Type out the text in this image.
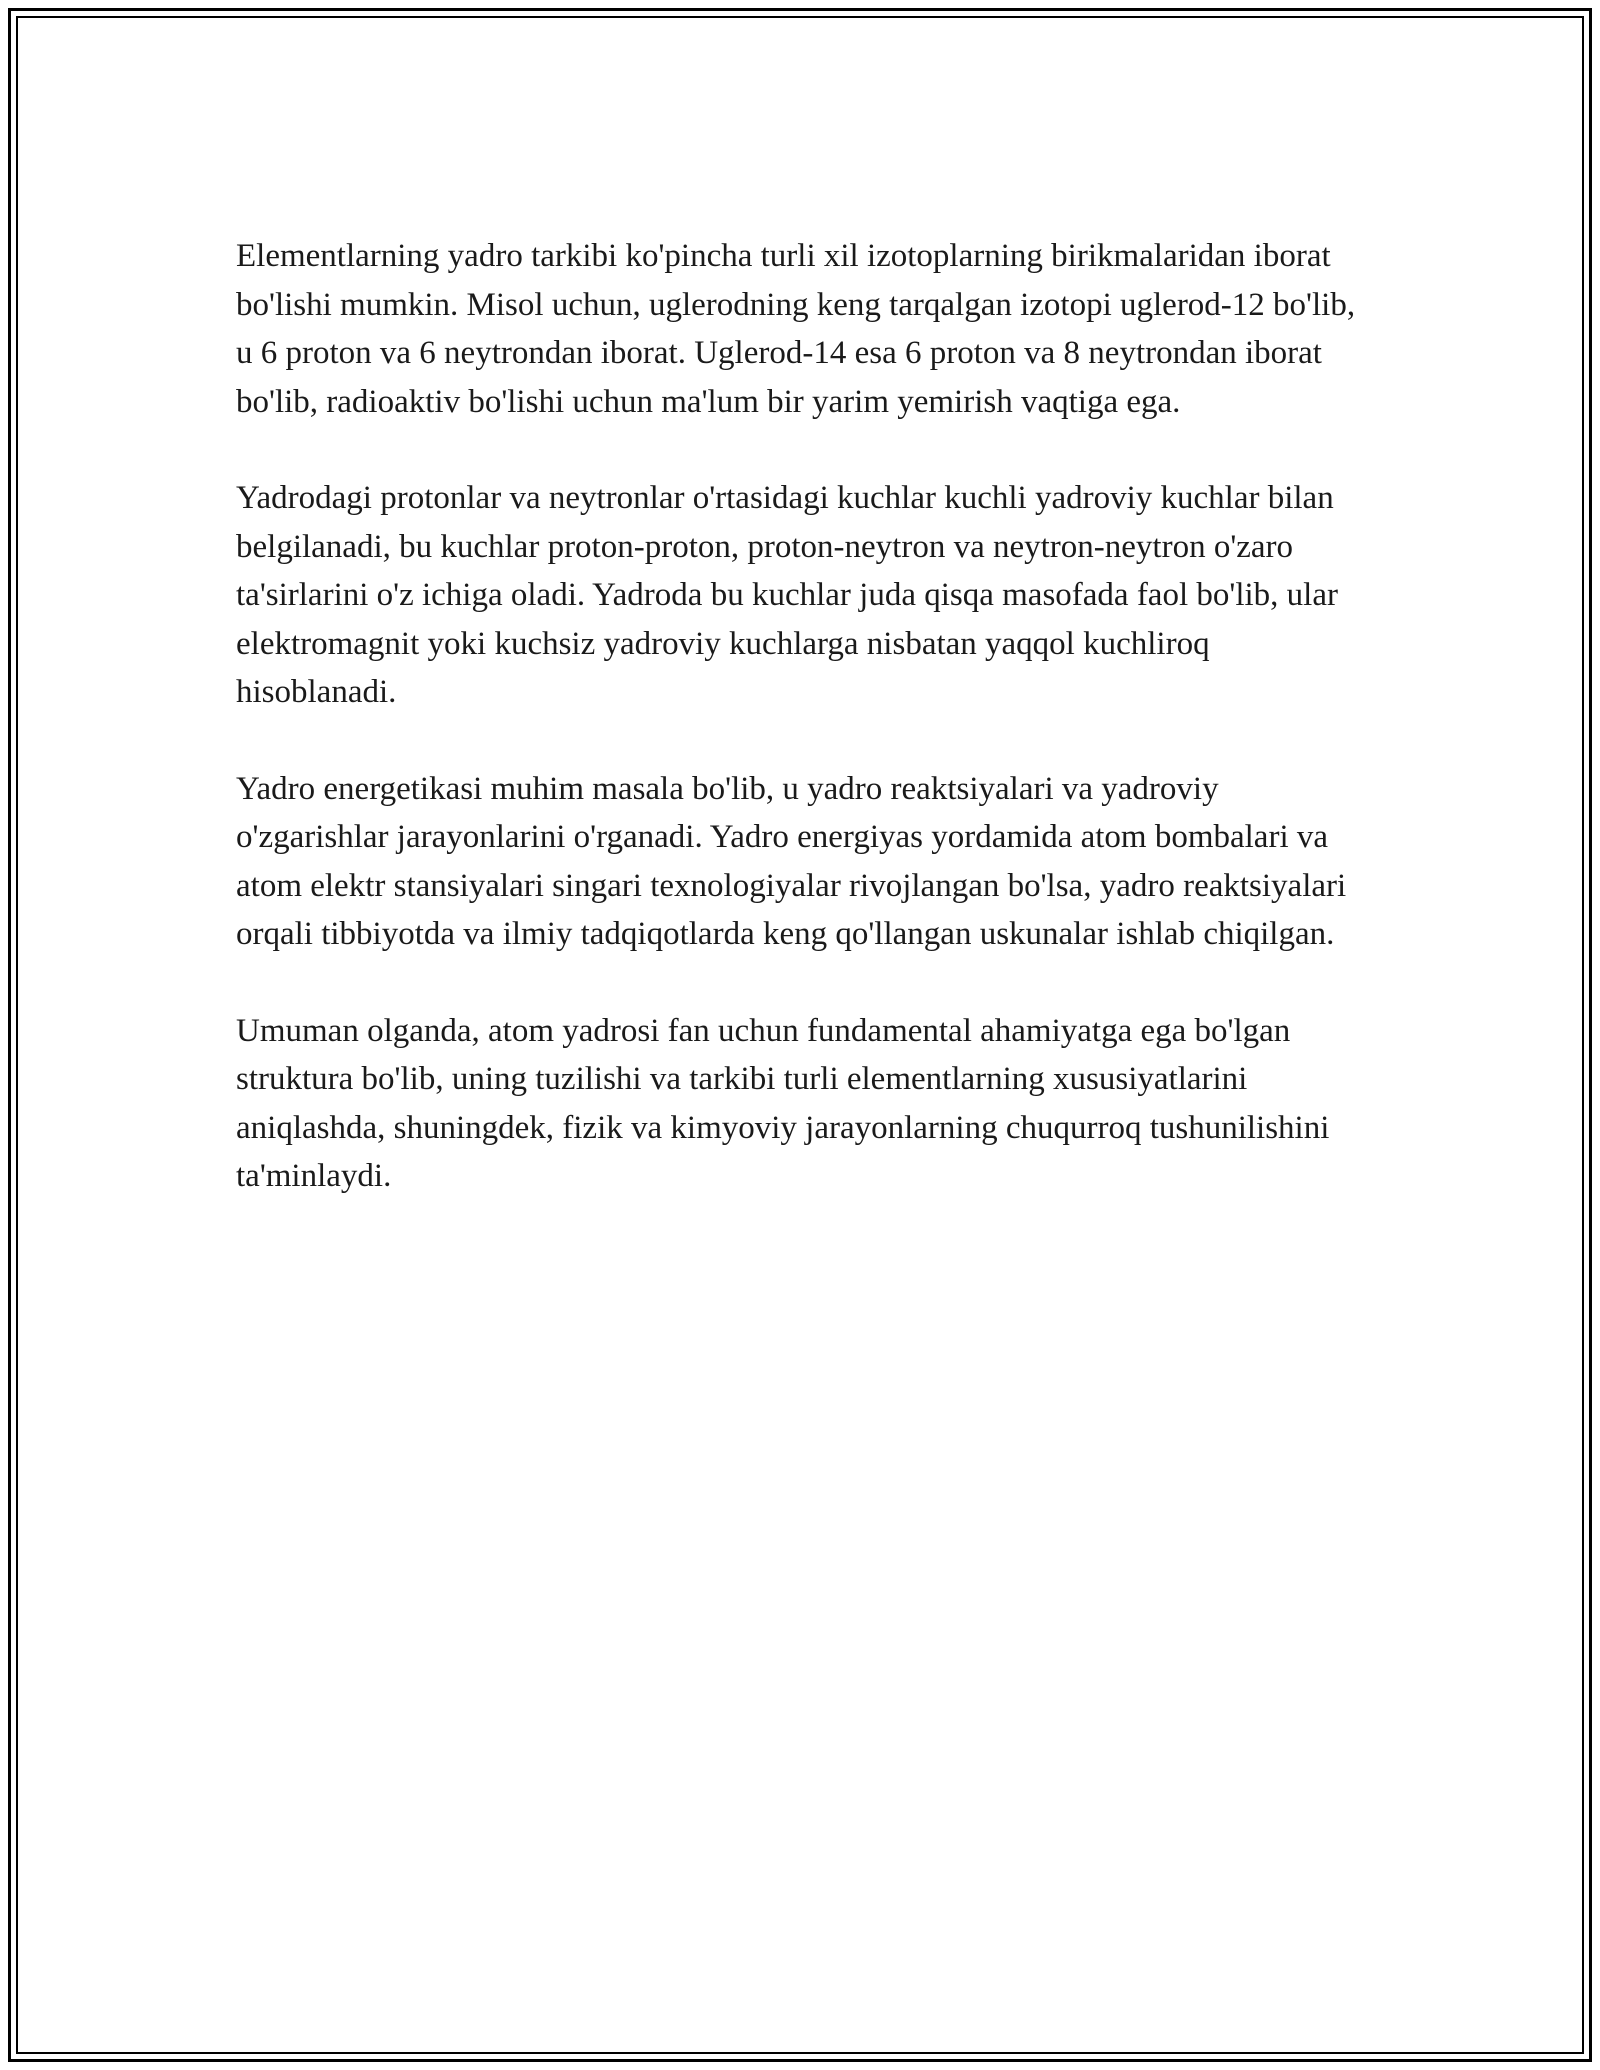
Elementlarning yadro tarkibi ko'pincha turli xil izotoplarning birikmalaridan iborat bo'lishi mumkin. Misol uchun, uglerodning keng tarqalgan izotopi uglerod-12 bo'lib, u 6 proton va 6 neytrondan iborat. Uglerod-14 esa 6 proton va 8 neytrondan iborat bo'lib, radioaktiv bo'lishi uchun ma'lum bir yarim yemirish vaqtiga ega.

Yadrodagi protonlar va neytronlar o'rtasidagi kuchlar kuchli yadroviy kuchlar bilan belgilanadi, bu kuchlar proton-proton, proton-neytron va neytron-neytron o'zaro ta'sirlarini o'z ichiga oladi. Yadroda bu kuchlar juda qisqa masofada faol bo'lib, ular elektromagnit yoki kuchsiz yadroviy kuchlarga nisbatan yaqqol kuchliroq hisoblanadi.

Yadro energetikasi muhim masala bo'lib, u yadro reaktsiyalari va yadroviy o'zgarishlar jarayonlarini o'rganadi. Yadro energiyas yordamida atom bombalari va atom elektr stansiyalari singari texnologiyalar rivojlangan bo'lsa, yadro reaktsiyalari orqali tibbiyotda va ilmiy tadqiqotlarda keng qo'llangan uskunalar ishlab chiqilgan.

Umuman olganda, atom yadrosi fan uchun fundamental ahamiyatga ega bo'lgan struktura bo'lib, uning tuzilishi va tarkibi turli elementlarning xususiyatlarini aniqlashda, shuningdek, fizik va kimyoviy jarayonlarning chuqurroq tushunilishini ta'minlaydi.
